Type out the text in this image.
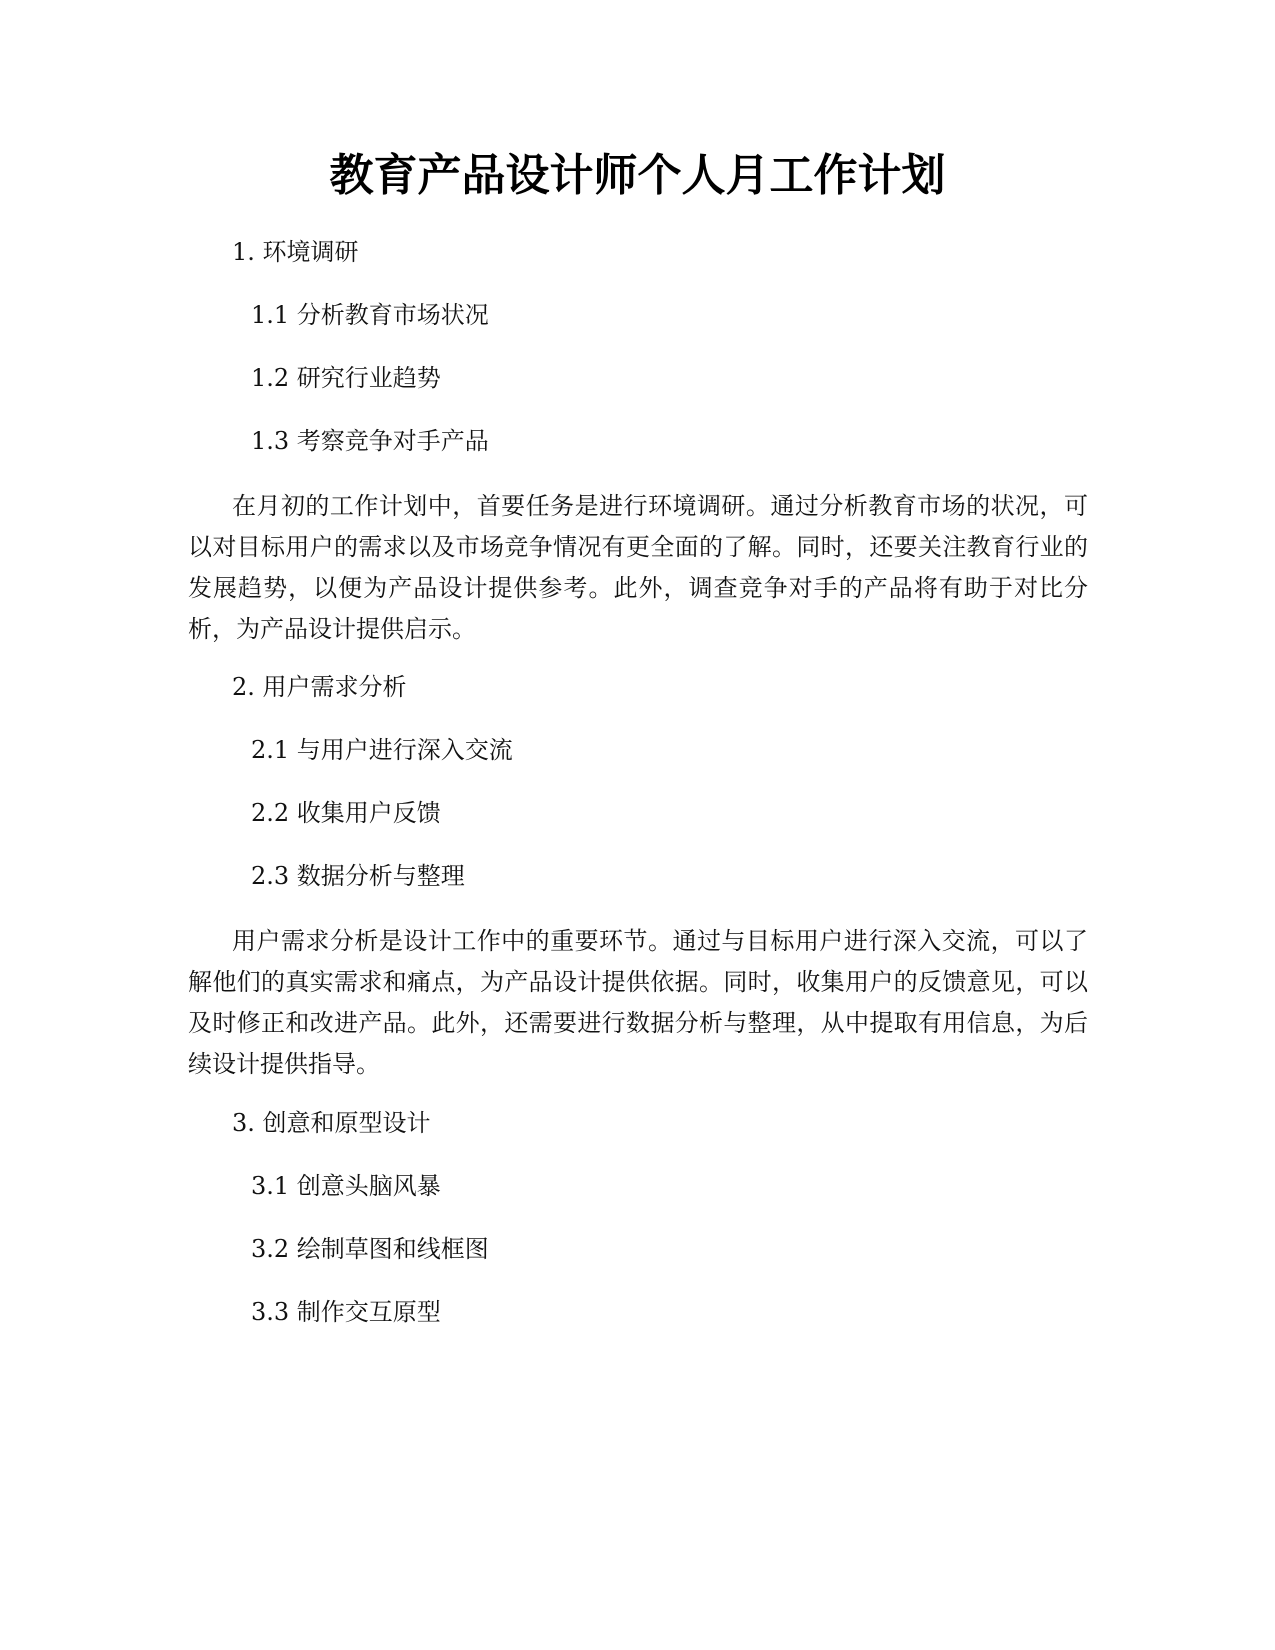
教育产品设计师个人月工作计划

1. 环境调研

1.1 分析教育市场状况

1.2 研究行业趋势

1.3 考察竞争对手产品

在月初的工作计划中，首要任务是进行环境调研。通过分析教育市场的状况，可以对目标用户的需求以及市场竞争情况有更全面的了解。同时，还要关注教育行业的发展趋势，以便为产品设计提供参考。此外，调查竞争对手的产品将有助于对比分析，为产品设计提供启示。

2. 用户需求分析

2.1 与用户进行深入交流

2.2 收集用户反馈

2.3 数据分析与整理

用户需求分析是设计工作中的重要环节。通过与目标用户进行深入交流，可以了解他们的真实需求和痛点，为产品设计提供依据。同时，收集用户的反馈意见，可以及时修正和改进产品。此外，还需要进行数据分析与整理，从中提取有用信息，为后续设计提供指导。

3. 创意和原型设计

3.1 创意头脑风暴

3.2 绘制草图和线框图

3.3 制作交互原型
